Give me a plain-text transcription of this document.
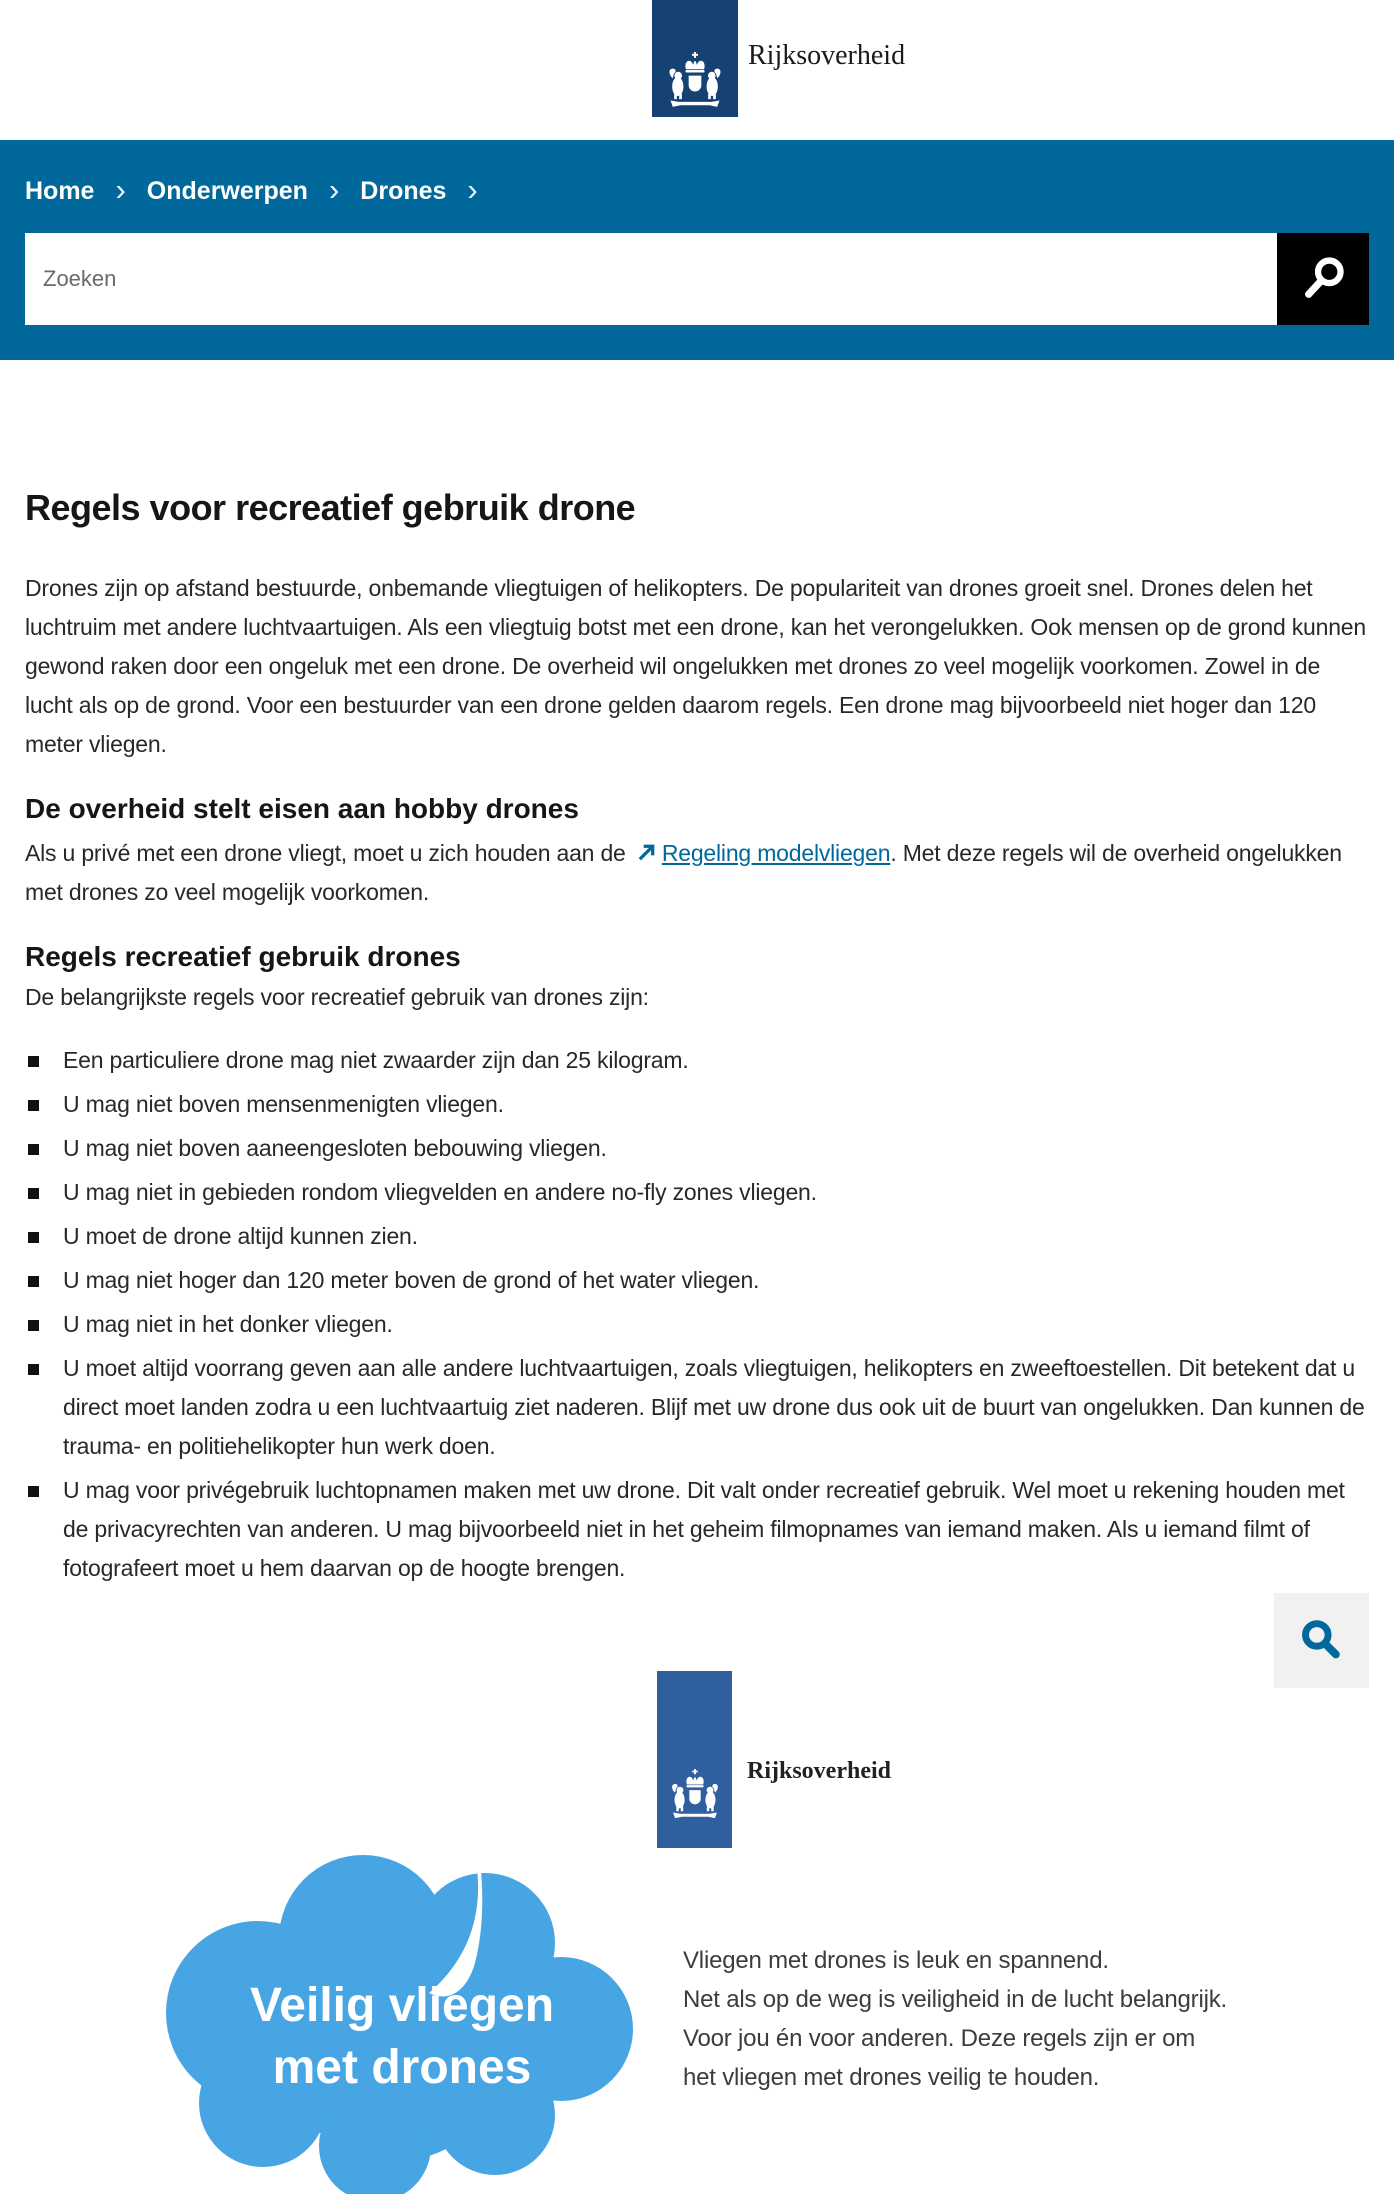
Rijksoverheid
Home › Onderwerpen › Drones ›
Zoeken
Regels voor recreatief gebruik drone

Drones zijn op afstand bestuurde, onbemande vliegtuigen of helikopters. De populariteit van drones groeit snel. Drones delen het luchtruim met andere luchtvaartuigen. Als een vliegtuig botst met een drone, kan het verongelukken. Ook mensen op de grond kunnen gewond raken door een ongeluk met een drone. De overheid wil ongelukken met drones zo veel mogelijk voorkomen. Zowel in de lucht als op de grond. Voor een bestuurder van een drone gelden daarom regels. Een drone mag bijvoorbeeld niet hoger dan 120 meter vliegen.

De overheid stelt eisen aan hobby drones

Als u privé met een drone vliegt, moet u zich houden aan de Regeling modelvliegen. Met deze regels wil de overheid ongelukken met drones zo veel mogelijk voorkomen.

Regels recreatief gebruik drones

De belangrijkste regels voor recreatief gebruik van drones zijn:

Een particuliere drone mag niet zwaarder zijn dan 25 kilogram.
U mag niet boven mensenmenigten vliegen.
U mag niet boven aaneengesloten bebouwing vliegen.
U mag niet in gebieden rondom vliegvelden en andere no-fly zones vliegen.
U moet de drone altijd kunnen zien.
U mag niet hoger dan 120 meter boven de grond of het water vliegen.
U mag niet in het donker vliegen.
U moet altijd voorrang geven aan alle andere luchtvaartuigen, zoals vliegtuigen, helikopters en zweeftoestellen. Dit betekent dat u direct moet landen zodra u een luchtvaartuig ziet naderen. Blijf met uw drone dus ook uit de buurt van ongelukken. Dan kunnen de trauma- en politiehelikopter hun werk doen.
U mag voor privégebruik luchtopnamen maken met uw drone. Dit valt onder recreatief gebruik. Wel moet u rekening houden met de privacyrechten van anderen. U mag bijvoorbeeld niet in het geheim filmopnames van iemand maken. Als u iemand filmt of fotografeert moet u hem daarvan op de hoogte brengen.
Rijksoverheid
Veilig vliegen
met drones
Vliegen met drones is leuk en spannend.
Net als op de weg is veiligheid in de lucht belangrijk.
Voor jou én voor anderen. Deze regels zijn er om
het vliegen met drones veilig te houden.
